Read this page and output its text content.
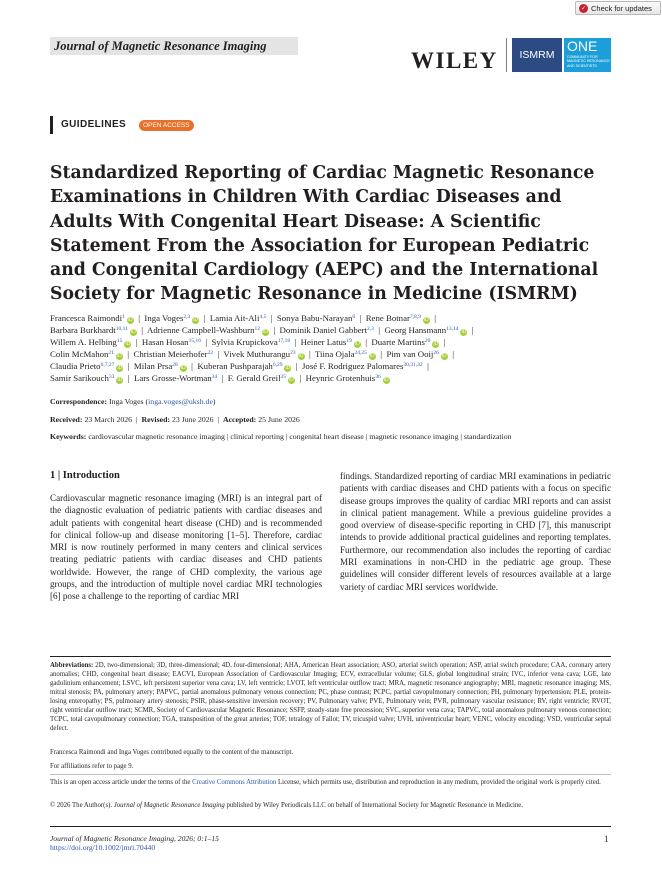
✓ Check for updates
Journal of Magnetic Resonance Imaging
WILEY	ISMRM
ONE
COMMUNITY FOR MAGNETIC RESONANCE AND SCIENTISTS
GUIDELINES	OPEN ACCESS
Standardized Reporting of Cardiac Magnetic Resonance Examinations in Children With Cardiac Diseases and Adults With Congenital Heart Disease: A Scientific Statement From the Association for European Pediatric and Congenital Cardiology (AEPC) and the International Society for Magnetic Resonance in Medicine (ISMRM)
Francesca Raimondi$^1$ iD  |  Inga Voges$^{2,3}$ iD  |  Lamia Ait-Ali$^{4,5}$  |  Sonya Babu-Narayan$^6$  |  Rene Botnar$^{7,8,9}$ iD  |
Barbara Burkhardt$^{10,11}$ iD  |  Adrienne Campbell-Washburn$^{12}$ iD  |  Dominik Daniel Gabbert$^{2,3}$  |  Georg Hansmann$^{13,14}$ iD  |
Willem A. Helbing$^{15}$ iD  |  Hasan Hosan$^{15,16}$  |  Sylvia Krupickova$^{17,18}$  |  Heiner Latus$^{19}$ iD  |  Duarte Martins$^{20}$ iD  |
Colin McMahon$^{21}$ iD  |  Christian Meierhofer$^{22}$  |  Vivek Muthurangu$^{23}$ iD  |  Tiina Ojala$^{24,25}$ iD  |  Pim van Ooij$^{26}$ iD  |
Claudia Prieto$^{6,7,27}$ iD  |  Milan Prsa$^{28}$ iD  |  Kuberan Pushparajah$^{6,29}$ iD  |  José F. Rodriguez Palomares$^{30,31,32}$  |
Samir Sarikouch$^{33}$ iD  |  Lars Grosse-Wortman$^{34}$  |  F. Gerald Greil$^{35}$ iD  |  Heynric Grotenhuis$^{36}$ iD
Correspondence: Inga Voges (inga.voges@uksh.de)
Received: 23 March 2026  |  Revised: 23 June 2026  |  Accepted: 25 June 2026
Keywords: cardiovascular magnetic resonance imaging | clinical reporting | congenital heart disease | magnetic resonance imaging | standardization
1 | Introduction

Cardiovascular magnetic resonance imaging (MRI) is an integral part of the diagnostic evaluation of pediatric patients with cardiac diseases and adult patients with congenital heart disease (CHD) and is recommended for clinical follow-up and disease monitoring [1–5]. Therefore, cardiac MRI is now routinely performed in many centers and clinical services treating pediatric patients with cardiac diseases and CHD patients worldwide. However, the range of CHD complexity, the various age groups, and the introduction of multiple novel cardiac MRI technologies [6] pose a challenge to the reporting of cardiac MRI

findings. Standardized reporting of cardiac MRI examinations in pediatric patients with cardiac diseases and CHD patients with a focus on specific disease groups improves the quality of cardiac MRI reports and can assist in clinical patient management. While a previous guideline provides a good overview of disease-specific reporting in CHD [7], this manuscript intends to provide additional practical guidelines and reporting templates. Furthermore, our recommendation also includes the reporting of cardiac MRI examinations in non-CHD in the pediatric age group. These guidelines will consider different levels of resources available at a large variety of cardiac MRI services worldwide.

Abbreviations: 2D, two-dimensional; 3D, three-dimensional; 4D, four-dimensional; AHA, American Heart association; ASO, arterial switch operation; ASP, atrial switch procedure; CAA, coronary artery anomalies; CHD, congenital heart disease; EACVI, European Association of Cardiovascular Imaging; ECV, extracellular volume; GLS, global longitudinal strain; IVC, inferior vena cava; LGE, late gadolinium enhancement; LSVC, left persistent superior vena cava; LV, left ventricle; LVOT, left ventricular outflow tract; MRA, magnetic resonance angiography; MRI, magnetic resonance imaging; MS, mitral stenosis; PA, pulmonary artery; PAPVC, partial anomalous pulmonary venous connection; PC, phase contrast; PCPC, partial cavopulmonary connection; PH, pulmonary hypertension; PLE, protein-losing enteropathy; PS, pulmonary artery stenosis; PSIR, phase-sensitive inversion recovery; PV, Pulmonary valve; PVE, Pulmonary vein; PVR, pulmonary vascular resistance; RV, right ventricle; RVOT, right ventricular outflow tract; SCMR, Society of Cardiovascular Magnetic Resonance; SSFP, steady-state free precession; SVC, superior vena cava; TAPVC, total anomalous pulmonary venous connection; TCPC, total cavopulmonary connection; TGA, transposition of the great arteries; TOF, tetralogy of Fallot; TV, tricuspid valve; UVH, univentricular heart; VENC, velocity encoding; VSD, ventricular septal defect.

Francesca Raimondi and Inga Voges contributed equally to the content of the manuscript.

For affiliations refer to page 9.

This is an open access article under the terms of the Creative Commons Attribution License, which permits use, distribution and reproduction in any medium, provided the original work is properly cited.

© 2026 The Author(s). Journal of Magnetic Resonance Imaging published by Wiley Periodicals LLC on behalf of International Society for Magnetic Resonance in Medicine.

Journal of Magnetic Resonance Imaging, 2026; 0:1–15
https://doi.org/10.1002/jmri.70440
1
